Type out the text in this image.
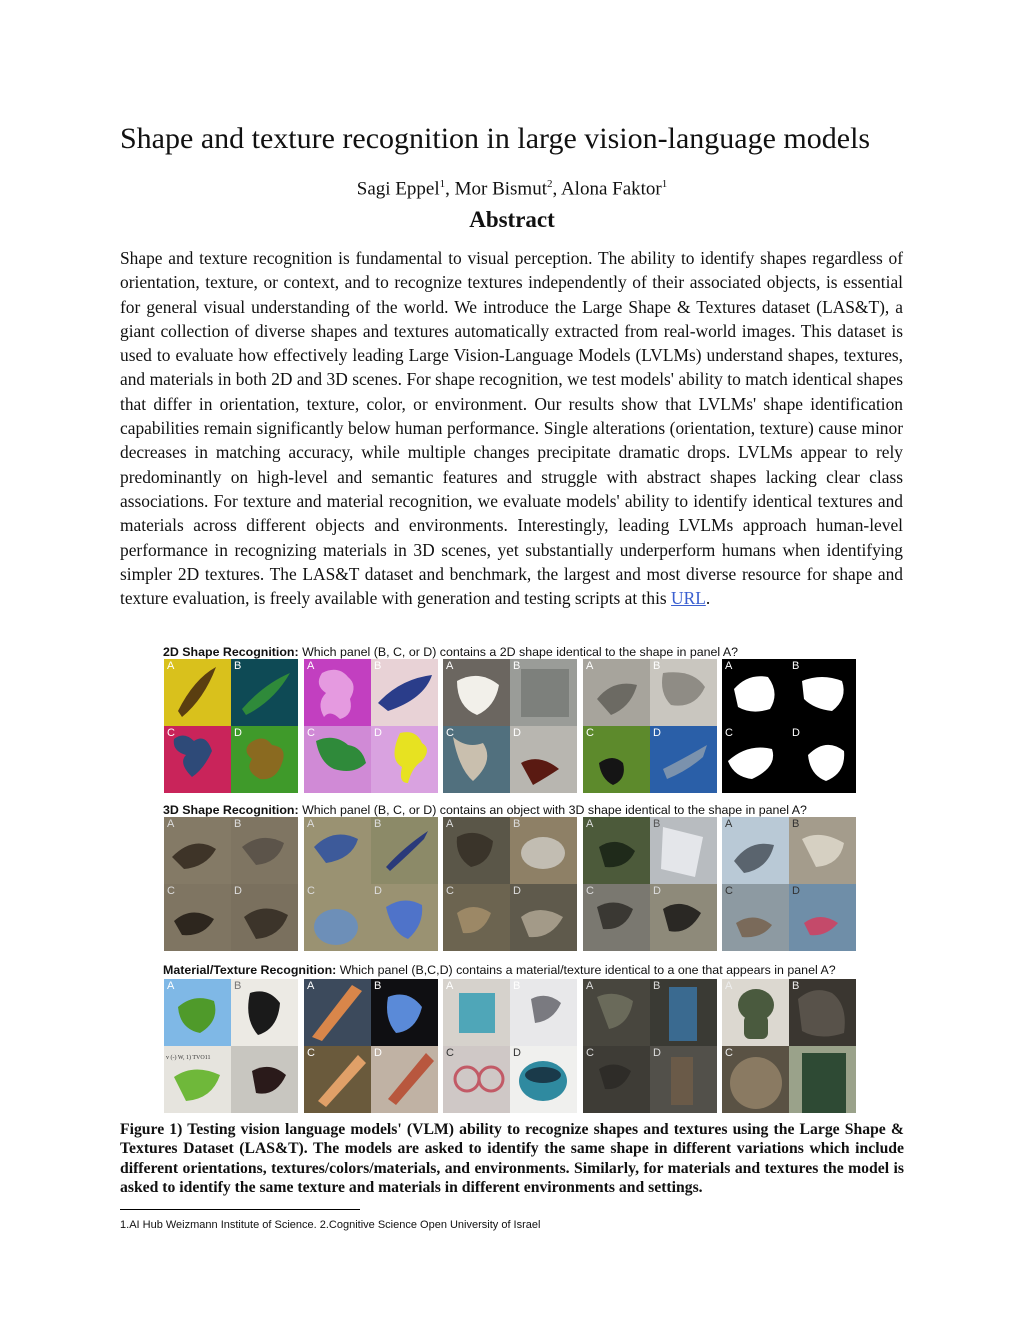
Shape and texture recognition in large vision-language models
Sagi Eppel$^1$, Mor Bismut$^2$, Alona Faktor$^1$
Abstract
Shape and texture recognition is fundamental to visual perception. The ability to identify shapes regardless of orientation, texture, or context, and to recognize textures independently of their associated objects, is essential for general visual understanding of the world. We introduce the Large Shape & Textures dataset (LAS&T), a giant collection of diverse shapes and textures automatically extracted from real-world images. This dataset is used to evaluate how effectively leading Large Vision-Language Models (LVLMs) understand shapes, textures, and materials in both 2D and 3D scenes. For shape recognition, we test models' ability to match identical shapes that differ in orientation, texture, color, or environment. Our results show that LVLMs' shape identification capabilities remain significantly below human performance. Single alterations (orientation, texture) cause minor decreases in matching accuracy, while multiple changes precipitate dramatic drops. LVLMs appear to rely predominantly on high-level and semantic features and struggle with abstract shapes lacking clear class associations. For texture and material recognition, we evaluate models' ability to identify identical textures and materials across different objects and environments. Interestingly, leading LVLMs approach human-level performance in recognizing materials in 3D scenes, yet substantially underperform humans when identifying simpler 2D textures. The LAS&T dataset and benchmark, the largest and most diverse resource for shape and texture evaluation, is freely available with generation and testing scripts at this URL.
2D Shape Recognition: Which panel (B, C, or D) contains a 2D shape identical to the shape in panel A?
3D Shape Recognition: Which panel (B, C, or D) contains an object with 3D shape identical to the shape in panel A?
Material/Texture Recognition: Which panel (B,C,D) contains a material/texture identical to a one that appears in panel A?
A	B
C	D
A	B
C	D
A	B
C	D
A	B
C	D
A	B
C	D
A	B
C	D
A	B
C	D
A	B
C	D
A	B
C	D
A	B
C	D
v (-) W, 1) TVO11
A	B	A	B
C	D
A	B
C	D
A	B
C	D
A	B
C
Figure 1) Testing vision language models' (VLM) ability to recognize shapes and textures using the Large Shape & Textures Dataset (LAS&T). The models are asked to identify the same shape in different variations which include different orientations, textures/colors/materials, and environments. Similarly, for materials and textures the model is asked to identify the same texture and materials in different environments and settings.
1.AI Hub Weizmann Institute of Science. 2.Cognitive Science Open University of Israel
